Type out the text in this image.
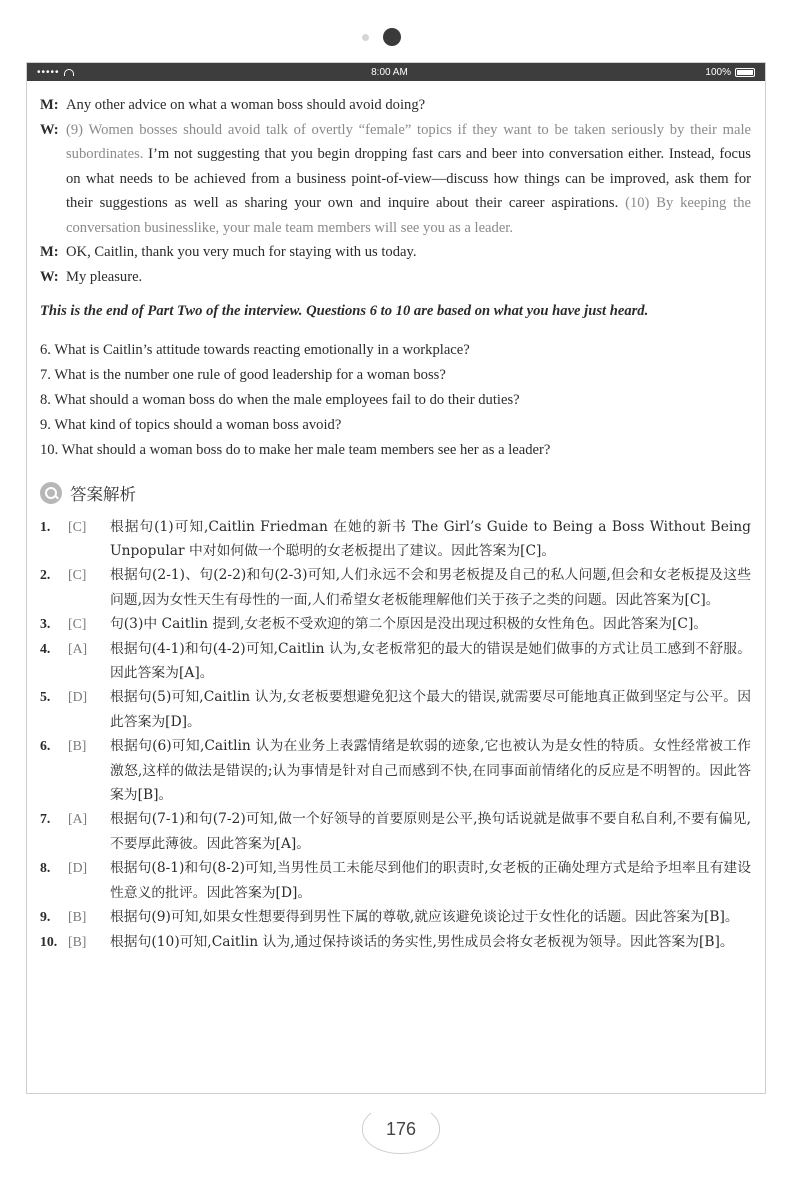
•••••	8:00 AM	100%

M: Any other advice on what a woman boss should avoid doing?

W: (9) Women bosses should avoid talk of overtly “female” topics if they want to be taken seriously by their male subordinates. I’m not suggesting that you begin dropping fast cars and beer into conversation either. Instead, focus on what needs to be achieved from a business point-of-view—discuss how things can be improved, ask them for their suggestions as well as sharing your own and inquire about their career aspirations. (10) By keeping the conversation businesslike, your male team members will see you as a leader.

M: OK, Caitlin, thank you very much for staying with us today.

W: My pleasure.

This is the end of Part Two of the interview. Questions 6 to 10 are based on what you have just heard.

6. What is Caitlin’s attitude towards reacting emotionally in a workplace?

7. What is the number one rule of good leadership for a woman boss?

8. What should a woman boss do when the male employees fail to do their duties?

9. What kind of topics should a woman boss avoid?

10. What should a woman boss do to make her male team members see her as a leader?

答案解析
1.	[C]	根据句(1)可知,Caitlin Friedman 在她的新书 The Girl’s Guide to Being a Boss Without Being Unpopular 中对如何做一个聪明的女老板提出了建议。因此答案为[C]。
2.	[C]	根据句(2-1)、句(2-2)和句(2-3)可知,人们永远不会和男老板提及自己的私人问题,但会和女老板提及这些问题,因为女性天生有母性的一面,人们希望女老板能理解他们关于孩子之类的问题。因此答案为[C]。
3.	[C]	句(3)中 Caitlin 提到,女老板不受欢迎的第二个原因是没出现过积极的女性角色。因此答案为[C]。
4.	[A]	根据句(4-1)和句(4-2)可知,Caitlin 认为,女老板常犯的最大的错误是她们做事的方式让员工感到不舒服。因此答案为[A]。
5.	[D]	根据句(5)可知,Caitlin 认为,女老板要想避免犯这个最大的错误,就需要尽可能地真正做到坚定与公平。因此答案为[D]。
6.	[B]	根据句(6)可知,Caitlin 认为在业务上表露情绪是软弱的迹象,它也被认为是女性的特质。女性经常被工作激怒,这样的做法是错误的;认为事情是针对自己而感到不快,在同事面前情绪化的反应是不明智的。因此答案为[B]。
7.	[A]	根据句(7-1)和句(7-2)可知,做一个好领导的首要原则是公平,换句话说就是做事不要自私自利,不要有偏见,不要厚此薄彼。因此答案为[A]。
8.	[D]	根据句(8-1)和句(8-2)可知,当男性员工未能尽到他们的职责时,女老板的正确处理方式是给予坦率且有建设性意义的批评。因此答案为[D]。
9.	[B]	根据句(9)可知,如果女性想要得到男性下属的尊敬,就应该避免谈论过于女性化的话题。因此答案为[B]。
10. [B]	根据句(10)可知,Caitlin 认为,通过保持谈话的务实性,男性成员会将女老板视为领导。因此答案为[B]。
176
